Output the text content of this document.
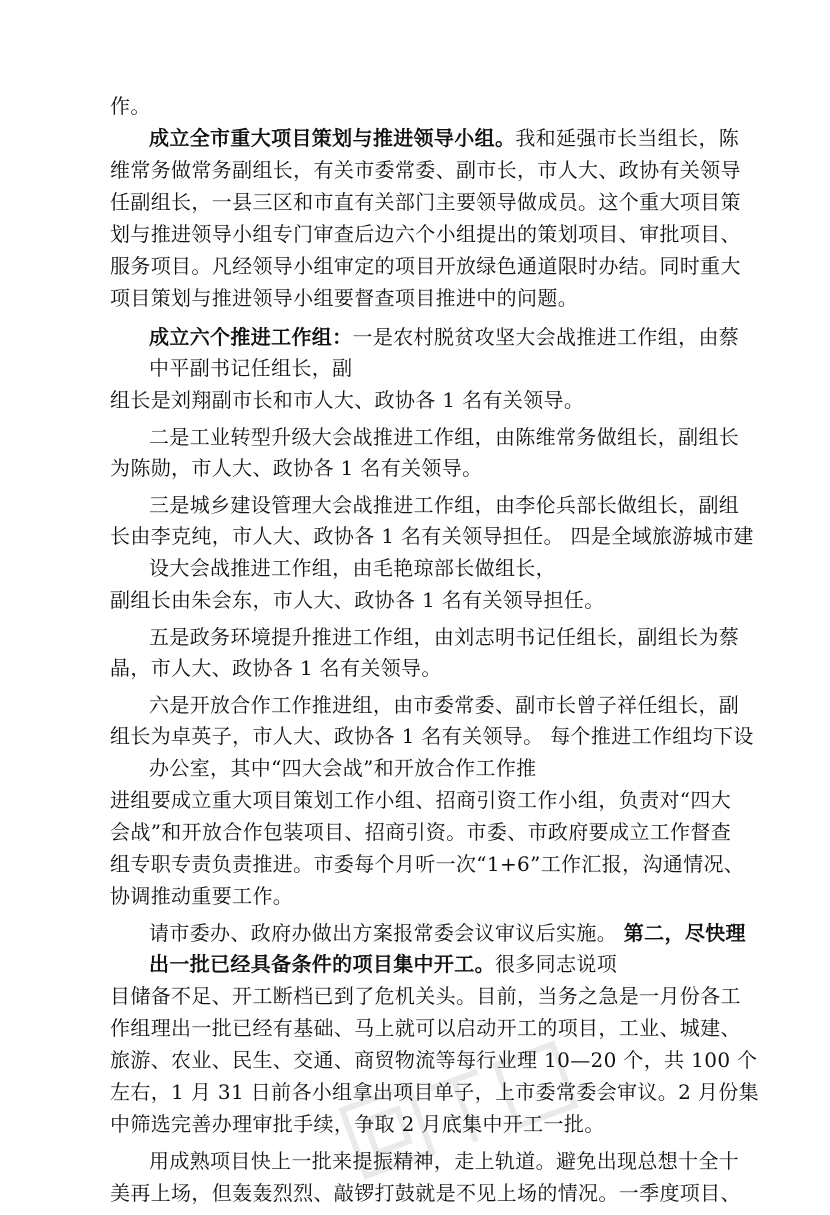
作。
成立全市重大项目策划与推进领导小组。我和延强市长当组长，陈
维常务做常务副组长，有关市委常委、副市长，市人大、政协有关领导
任副组长，一县三区和市直有关部门主要领导做成员。这个重大项目策
划与推进领导小组专门审查后边六个小组提出的策划项目、审批项目、
服务项目。凡经领导小组审定的项目开放绿色通道限时办结。同时重大
项目策划与推进领导小组要督查项目推进中的问题。
成立六个推进工作组：一是农村脱贫攻坚大会战推进工作组，由蔡
中平副书记任组长，副
组长是刘翔副市长和市人大、政协各 1 名有关领导。
二是工业转型升级大会战推进工作组，由陈维常务做组长，副组长
为陈勋，市人大、政协各 1 名有关领导。
三是城乡建设管理大会战推进工作组，由李伦兵部长做组长，副组
长由李克纯，市人大、政协各 1 名有关领导担任。 四是全域旅游城市建
设大会战推进工作组，由毛艳琼部长做组长，
副组长由朱会东，市人大、政协各 1 名有关领导担任。
五是政务环境提升推进工作组，由刘志明书记任组长，副组长为蔡
晶，市人大、政协各 1 名有关领导。
六是开放合作工作推进组，由市委常委、副市长曾子祥任组长，副
组长为卓英子，市人大、政协各 1 名有关领导。 每个推进工作组均下设
办公室，其中“四大会战”和开放合作工作推
进组要成立重大项目策划工作小组、招商引资工作小组，负责对“四大
会战”和开放合作包装项目、招商引资。市委、市政府要成立工作督查
组专职专责负责推进。市委每个月听一次“1+6”工作汇报，沟通情况、
协调推动重要工作。
请市委办、政府办做出方案报常委会议审议后实施。 第二，尽快理
出一批已经具备条件的项目集中开工。很多同志说项
目储备不足、开工断档已到了危机关头。目前，当务之急是一月份各工
作组理出一批已经有基础、马上就可以启动开工的项目，工业、城建、
旅游、农业、民生、交通、商贸物流等每行业理 10—20 个，共 100 个
左右，1 月 31 日前各小组拿出项目单子，上市委常委会审议。2 月份集
中筛选完善办理审批手续，争取 2 月底集中开工一批。
用成熟项目快上一批来提振精神，走上轨道。避免出现总想十全十
美再上场，但轰轰烈烈、敲锣打鼓就是不见上场的情况。一季度项目、
